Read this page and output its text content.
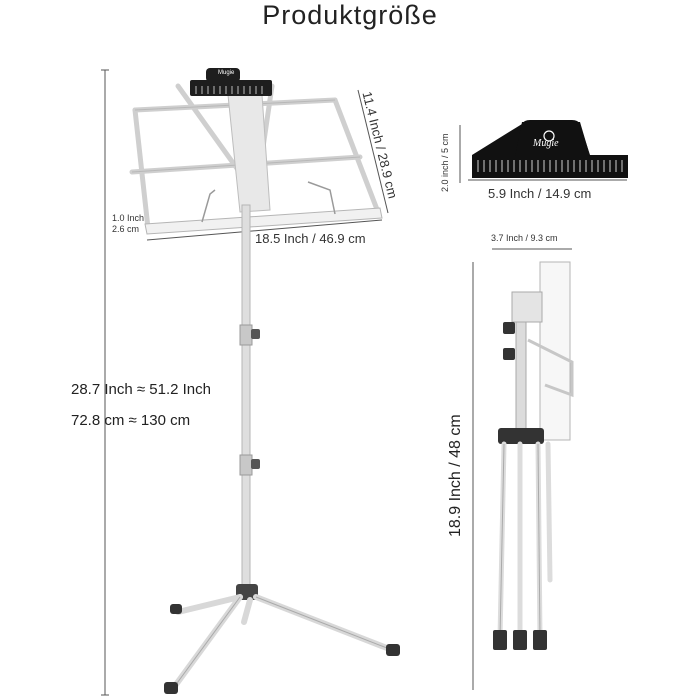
Produktgröße
Mugie
Mugie
11.4 Inch / 28.9 cm
18.5 Inch / 46.9 cm
1.0 Inch
2.6 cm
28.7 Inch ≈ 51.2 Inch
72.8 cm ≈ 130 cm
2.0 inch / 5 cm
5.9 Inch / 14.9 cm
3.7 Inch / 9.3 cm
18.9 Inch / 48 cm
